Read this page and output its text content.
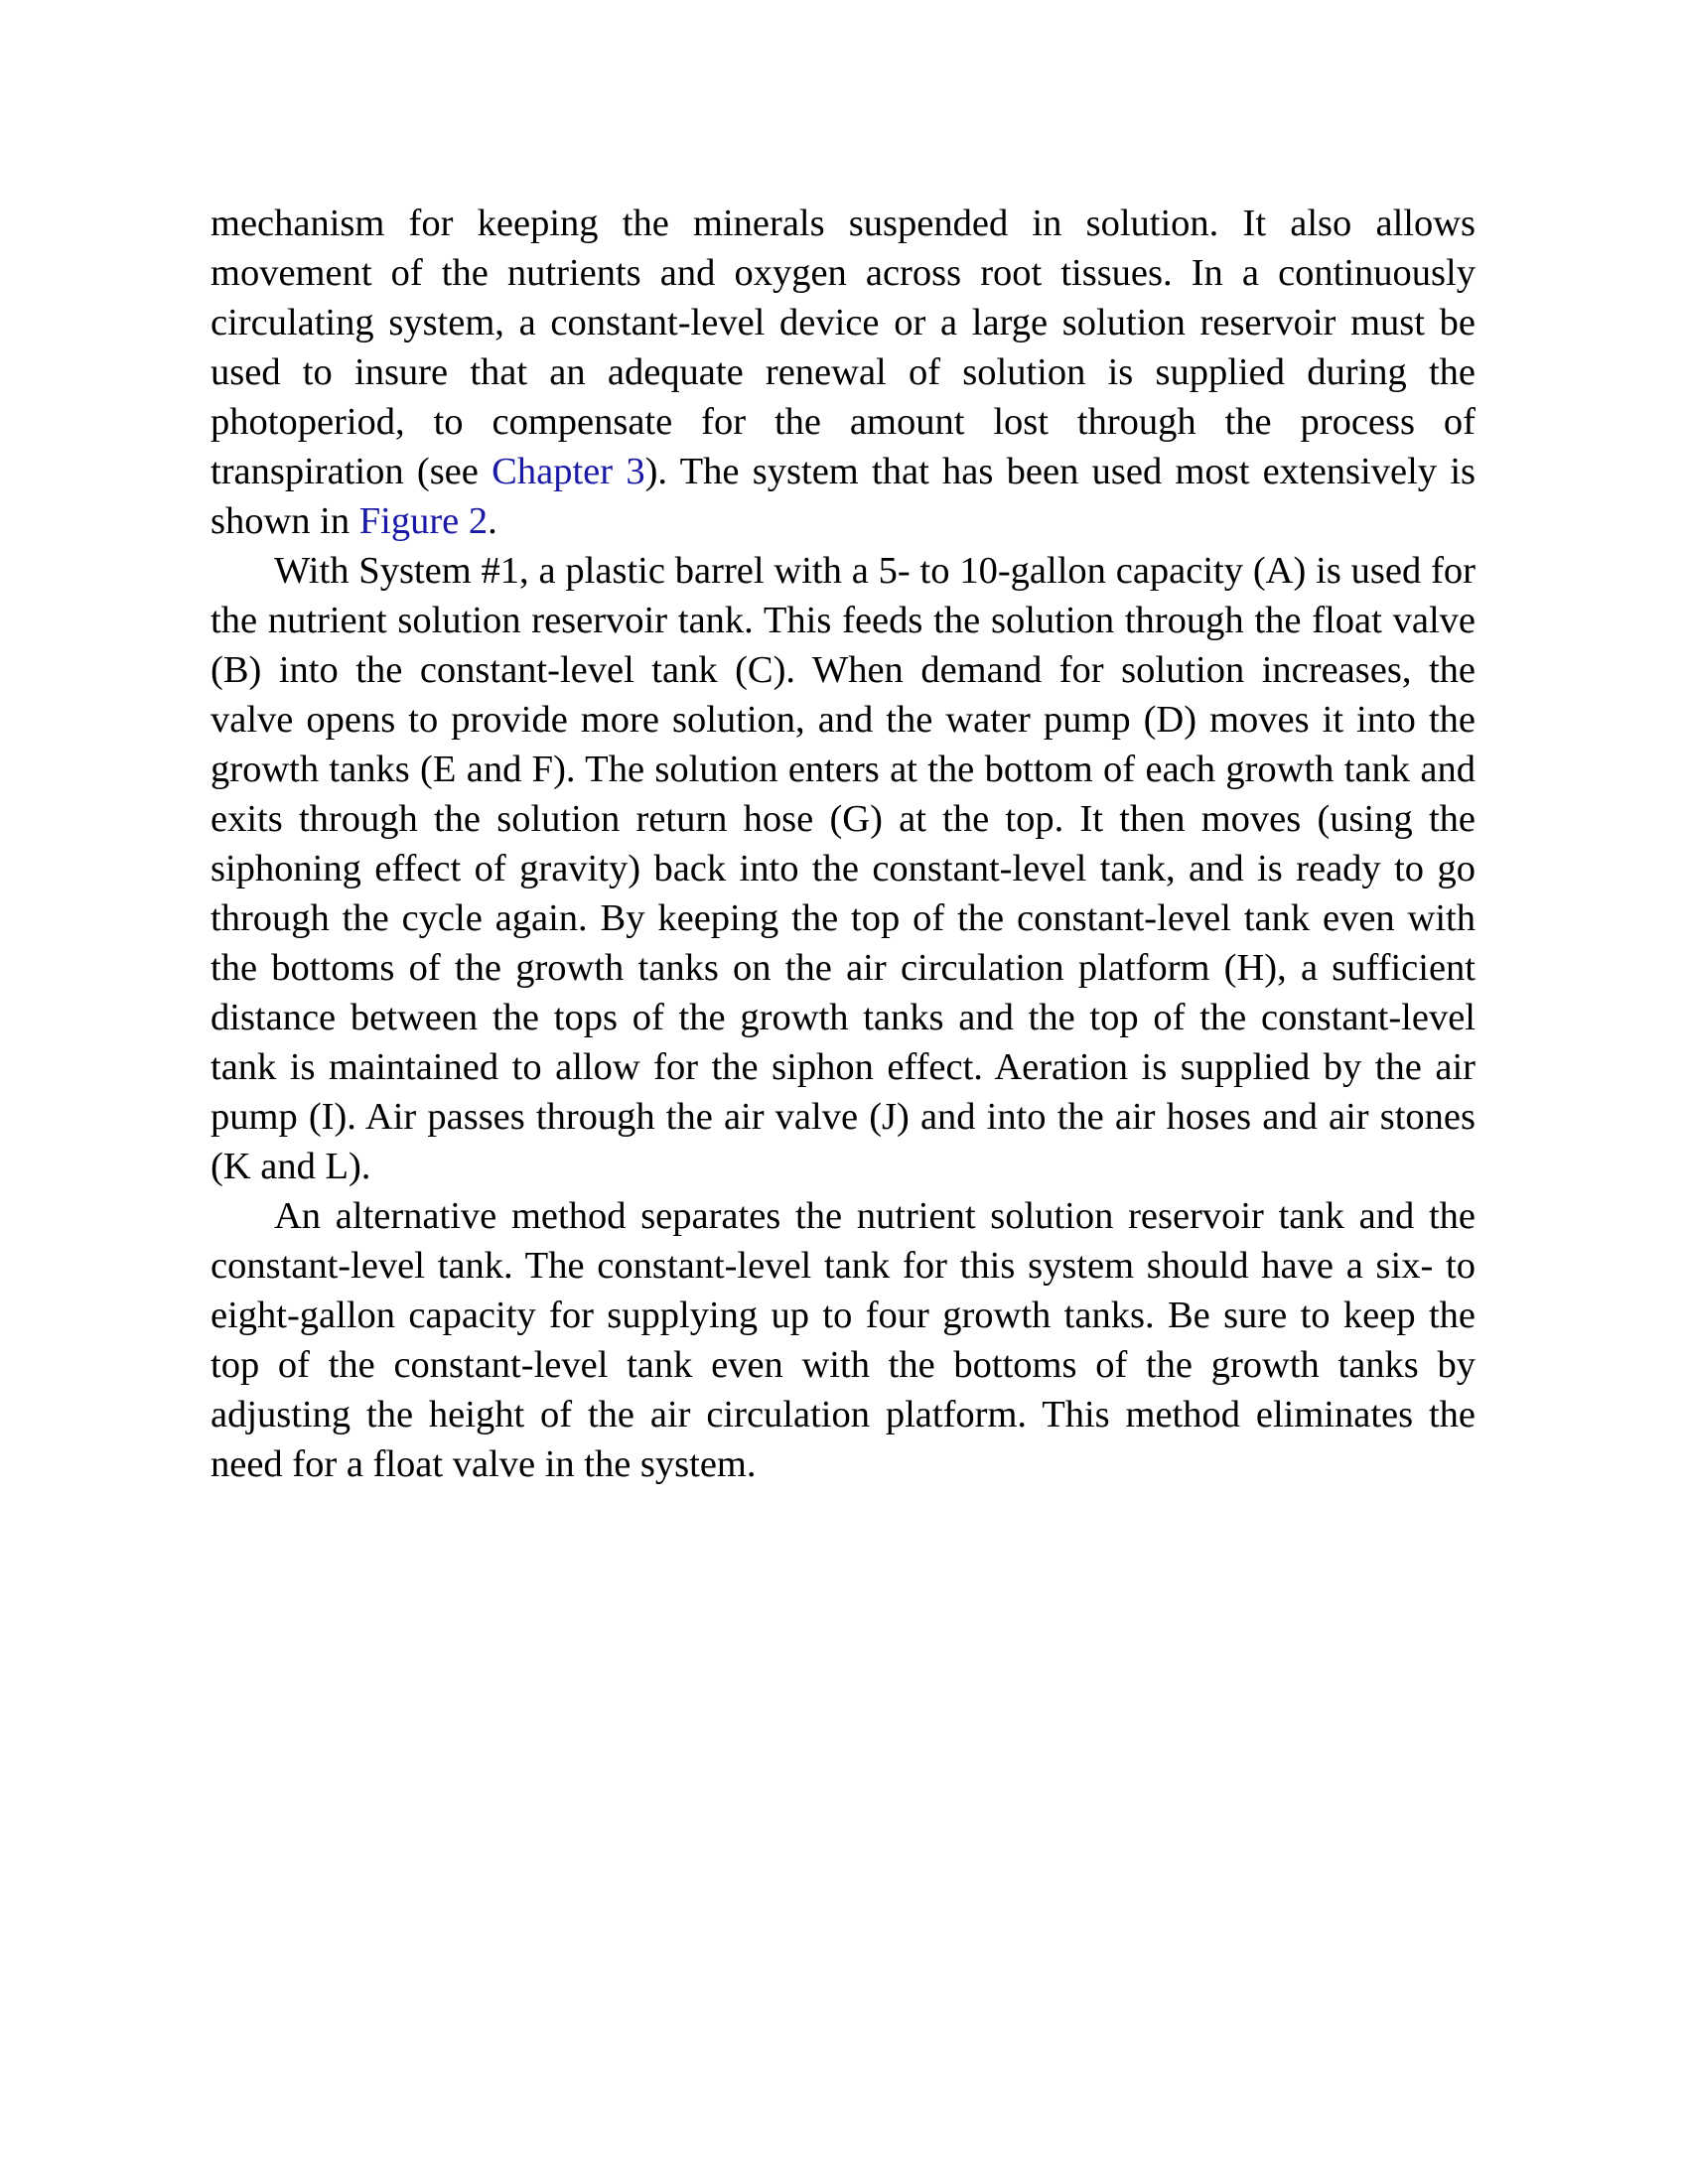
mechanism for keeping the minerals suspended in solution. It also allows movement of the nutrients and oxygen across root tissues. In a continuously circulating system, a constant-level device or a large solution reservoir must be used to insure that an adequate renewal of solution is supplied during the photoperiod, to compensate for the amount lost through the process of transpiration (see Chapter 3). The system that has been used most extensively is shown in Figure 2.

With System #1, a plastic barrel with a 5- to 10-gallon capacity (A) is used for the nutrient solution reservoir tank. This feeds the solution through the float valve (B) into the constant-level tank (C). When demand for solution increases, the valve opens to provide more solution, and the water pump (D) moves it into the growth tanks (E and F). The solution enters at the bottom of each growth tank and exits through the solution return hose (G) at the top. It then moves (using the siphoning effect of gravity) back into the constant-level tank, and is ready to go through the cycle again. By keeping the top of the constant-level tank even with the bottoms of the growth tanks on the air circulation platform (H), a sufficient distance between the tops of the growth tanks and the top of the constant-level tank is maintained to allow for the siphon effect. Aeration is supplied by the air pump (I). Air passes through the air valve (J) and into the air hoses and air stones (K and L).

An alternative method separates the nutrient solution reservoir tank and the constant-level tank. The constant-level tank for this system should have a six- to eight-gallon capacity for supplying up to four growth tanks. Be sure to keep the top of the constant-level tank even with the bottoms of the growth tanks by adjusting the height of the air circulation platform. This method eliminates the need for a float valve in the system.
